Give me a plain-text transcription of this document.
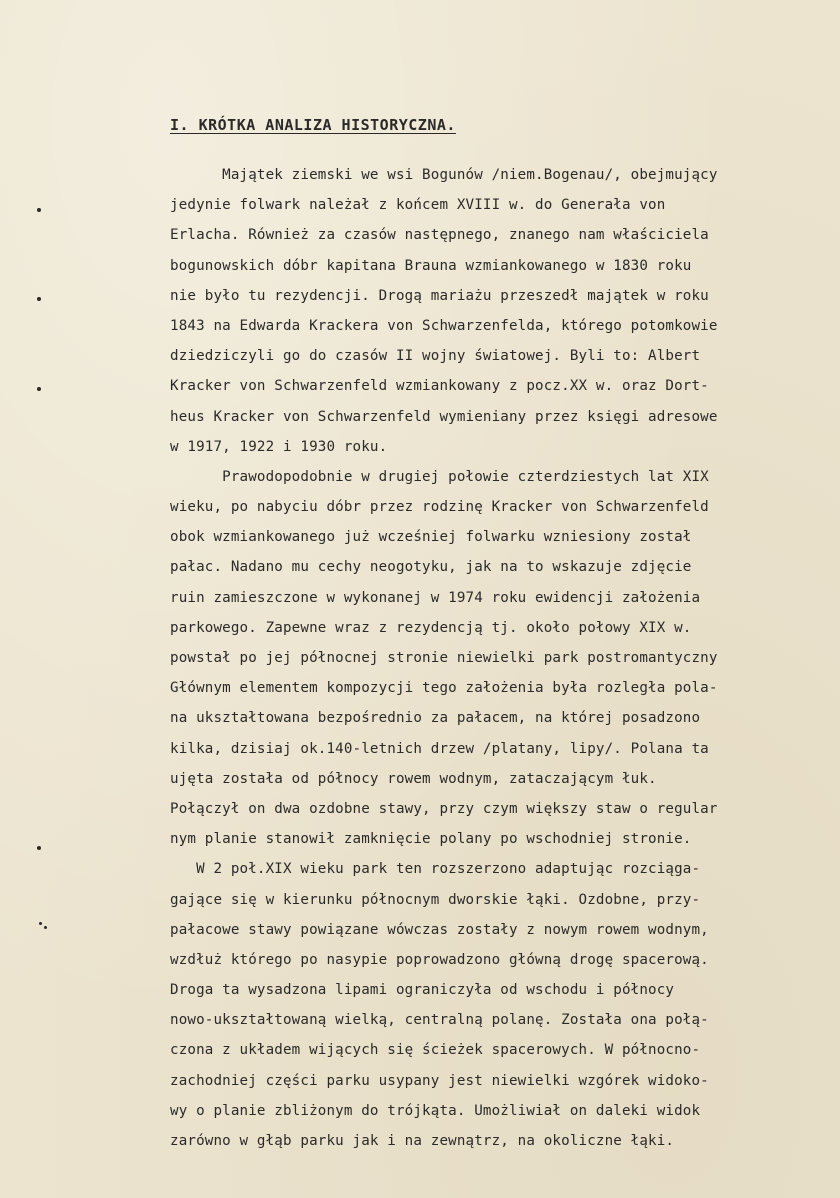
I. KRÓTKA ANALIZA HISTORYCZNA.
Majątek ziemski we wsi Bogunów /niem.Bogenau/, obejmujący
jedynie folwark należał z końcem XVIII w. do Generała von
Erlacha. Również za czasów następnego, znanego nam właściciela
bogunowskich dóbr kapitana Brauna wzmiankowanego w 1830 roku
nie było tu rezydencji. Drogą mariażu przeszedł majątek w roku
1843 na Edwarda Krackera von Schwarzenfelda, którego potomkowie
dziedziczyli go do czasów II wojny światowej. Byli to: Albert
Kracker von Schwarzenfeld wzmiankowany z pocz.XX w. oraz Dort-
heus Kracker von Schwarzenfeld wymieniany przez księgi adresowe
w 1917, 1922 i 1930 roku.
Prawodopodobnie w drugiej połowie czterdziestych lat XIX
wieku, po nabyciu dóbr przez rodzinę Kracker von Schwarzenfeld
obok wzmiankowanego już wcześniej folwarku wzniesiony został
pałac. Nadano mu cechy neogotyku, jak na to wskazuje zdjęcie
ruin zamieszczone w wykonanej w 1974 roku ewidencji założenia
parkowego. Zapewne wraz z rezydencją tj. około połowy XIX w.
powstał po jej północnej stronie niewielki park postromantyczny
Głównym elementem kompozycji tego założenia była rozległa pola-
na ukształtowana bezpośrednio za pałacem, na której posadzono
kilka, dzisiaj ok.140-letnich drzew /platany, lipy/. Polana ta
ujęta została od północy rowem wodnym, zataczającym łuk.
Połączył on dwa ozdobne stawy, przy czym większy staw o regular
nym planie stanowił zamknięcie polany po wschodniej stronie.
W 2 poł.XIX wieku park ten rozszerzono adaptując rozciąga-
gające się w kierunku północnym dworskie łąki. Ozdobne, przy-
pałacowe stawy powiązane wówczas zostały z nowym rowem wodnym,
wzdłuż którego po nasypie poprowadzono główną drogę spacerową.
Droga ta wysadzona lipami ograniczyła od wschodu i północy
nowo-ukształtowaną wielką, centralną polanę. Została ona połą-
czona z układem wijących się ścieżek spacerowych. W północno-
zachodniej części parku usypany jest niewielki wzgórek widoko-
wy o planie zbliżonym do trójkąta. Umożliwiał on daleki widok
zarówno w głąb parku jak i na zewnątrz, na okoliczne łąki.
